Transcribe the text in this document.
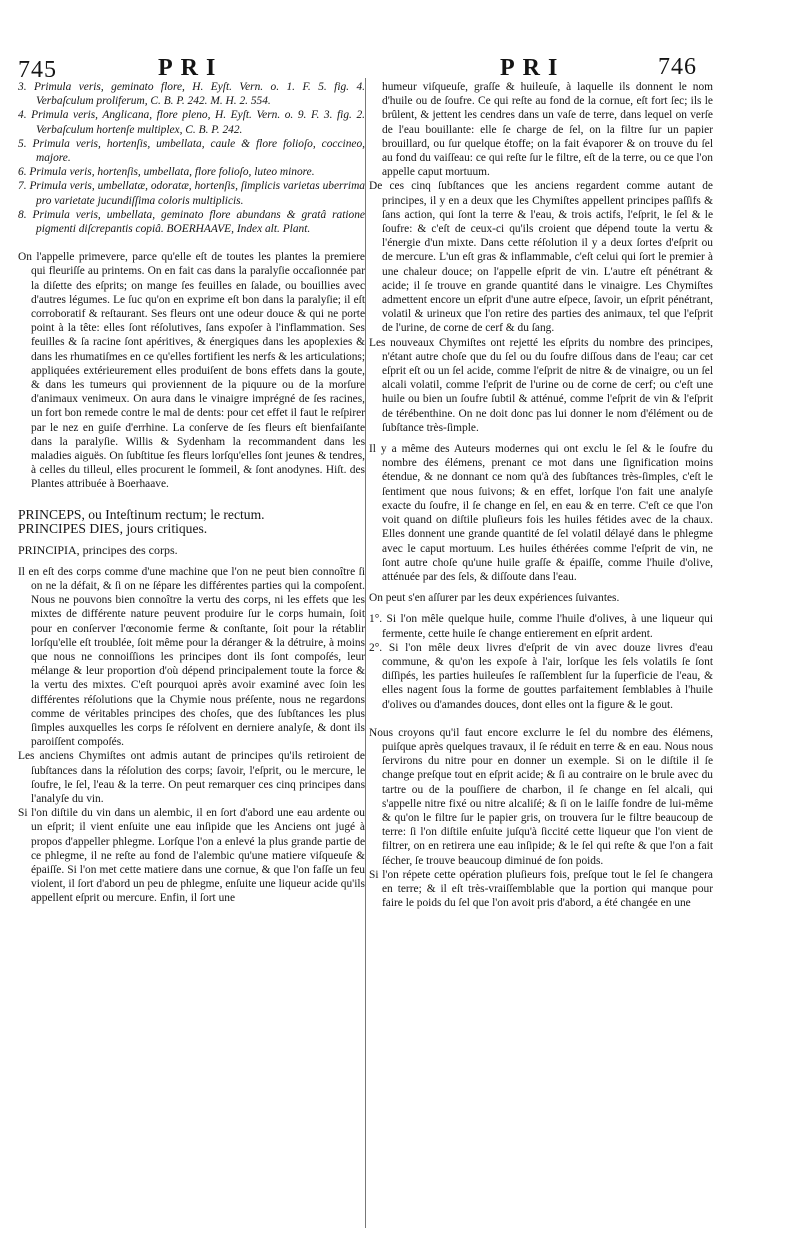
745	PRI	PRI	746
3. Primula veris, geminato flore, H. Eyſt. Vern. o. 1. F. 5. fig. 4. Verbaſculum proliferum, C. B. P. 242. M. H. 2. 554.
4. Primula veris, Anglicana, flore pleno, H. Eyſt. Vern. o. 9. F. 3. fig. 2. Verbaſculum hortenſe multiplex, C. B. P. 242.
5. Primula veris, hortenſis, umbellata, caule & flore folioſo, coccineo, majore.
6. Primula veris, hortenſis, umbellata, flore folioſo, luteo minore.
7. Primula veris, umbellatæ, odoratæ, hortenſis, ſimplicis varietas uberrima pro varietate jucundiſſima coloris multiplicis.
8. Primula veris, umbellata, geminato flore abundans & gratâ ratione pigmenti diſcrepantis copiâ. BOERHAAVE, Index alt. Plant.

On l'appelle primevere, parce qu'elle eſt de toutes les plantes la premiere qui fleuriſſe au printems. On en fait cas dans la paralyſie occaſionnée par la diſette des eſprits; on mange ſes feuilles en ſalade, ou bouillies avec d'autres légumes. Le ſuc qu'on en exprime eſt bon dans la paralyſie; il eſt corroboratif & reſtaurant. Ses fleurs ont une odeur douce & qui ne porte point à la tête: elles ſont réſolutives, ſans expoſer à l'inflammation. Ses feuilles & ſa racine ſont apéritives, & énergiques dans les apoplexies & dans les rhumatiſmes en ce qu'elles fortifient les nerfs & les articulations; appliquées extérieurement elles produiſent de bons effets dans la goute, & dans les tumeurs qui proviennent de la piquure ou de la morſure d'animaux venimeux. On aura dans le vinaigre imprégné de ſes racines, un fort bon remede contre le mal de dents: pour cet effet il faut le reſpirer par le nez en guiſe d'errhine. La conſerve de ſes fleurs eſt bienfaiſante dans la paralyſie. Willis & Sydenham la recommandent dans les maladies aiguës. On ſubſtitue ſes fleurs lorſqu'elles ſont jeunes & tendres, à celles du tilleul, elles procurent le ſommeil, & ſont anodynes. Hiſt. des Plantes attribuée à Boerhaave.

PRINCEPS, ou Inteſtinum rectum; le rectum.

PRINCIPES DIES, jours critiques.

PRINCIPIA, principes des corps.

Il en eſt des corps comme d'une machine que l'on ne peut bien connoître ſi on ne la défait, & ſi on ne ſépare les différentes parties qui la compoſent. Nous ne pouvons bien connoître la vertu des corps, ni les effets que les mixtes de différente nature peuvent produire ſur le corps humain, ſoit pour en conſerver l'œconomie ferme & conſtante, ſoit pour la rétablir lorſqu'elle eſt troublée, ſoit même pour la déranger & la détruire, à moins que nous ne connoiſſions les principes dont ils ſont compoſés, leur mélange & leur proportion d'où dépend principalement toute la force & la vertu des mixtes. C'eſt pourquoi après avoir examiné avec ſoin les différentes réſolutions que la Chymie nous préſente, nous ne regardons comme de véritables principes des choſes, que des ſubſtances les plus ſimples auxquelles les corps ſe réſolvent en derniere analyſe, & dont ils paroiſſent compoſés.

Les anciens Chymiſtes ont admis autant de principes qu'ils retiroient de ſubſtances dans la réſolution des corps; ſavoir, l'eſprit, ou le mercure, le ſoufre, le ſel, l'eau & la terre. On peut remarquer ces cinq principes dans l'analyſe du vin.

Si l'on diſtile du vin dans un alembic, il en ſort d'abord une eau ardente ou un eſprit; il vient enſuite une eau inſipide que les Anciens ont jugé à propos d'appeller phlegme. Lorſque l'on a enlevé la plus grande partie de ce phlegme, il ne reſte au fond de l'alembic qu'une matiere viſqueuſe & épaiſſe. Si l'on met cette matiere dans une cornue, & que l'on faſſe un feu violent, il ſort d'abord un peu de phlegme, enſuite une liqueur acide qu'ils appellent eſprit ou mercure. Enfin, il ſort une

humeur viſqueuſe, graſſe & huileuſe, à laquelle ils donnent le nom d'huile ou de ſoufre. Ce qui reſte au fond de la cornue, eſt fort ſec; ils le brûlent, & jettent les cendres dans un vaſe de terre, dans lequel on verſe de l'eau bouillante: elle ſe charge de ſel, on la filtre ſur un papier brouillard, ou ſur quelque étoffe; on la fait évaporer & on trouve du ſel au fond du vaiſſeau: ce qui reſte ſur le filtre, eſt de la terre, ou ce que l'on appelle caput mortuum.

De ces cinq ſubſtances que les anciens regardent comme autant de principes, il y en a deux que les Chymiſtes appellent principes paſſifs & ſans action, qui ſont la terre & l'eau, & trois actifs, l'eſprit, le ſel & le ſoufre: & c'eſt de ceux-ci qu'ils croient que dépend toute la vertu & l'énergie d'un mixte. Dans cette réſolution il y a deux ſortes d'eſprit ou de mercure. L'un eſt gras & inflammable, c'eſt celui qui ſort le premier à une chaleur douce; on l'appelle eſprit de vin. L'autre eſt pénétrant & acide; il ſe trouve en grande quantité dans le vinaigre. Les Chymiſtes admettent encore un eſprit d'une autre eſpece, ſavoir, un eſprit pénétrant, volatil & urineux que l'on retire des parties des animaux, tel que l'eſprit de l'urine, de corne de cerf & du ſang.

Les nouveaux Chymiſtes ont rejetté les eſprits du nombre des principes, n'étant autre choſe que du ſel ou du ſoufre diſſous dans de l'eau; car cet eſprit eſt ou un ſel acide, comme l'eſprit de nitre & de vinaigre, ou un ſel alcali volatil, comme l'eſprit de l'urine ou de corne de cerf; ou c'eſt une huile ou bien un ſoufre ſubtil & atténué, comme l'eſprit de vin & l'eſprit de térébenthine. On ne doit donc pas lui donner le nom d'élément ou de ſubſtance très-ſimple.

Il y a même des Auteurs modernes qui ont exclu le ſel & le ſoufre du nombre des élémens, prenant ce mot dans une ſignification moins étendue, & ne donnant ce nom qu'à des ſubſtances très-ſimples, c'eſt le ſentiment que nous ſuivons; & en effet, lorſque l'on fait une analyſe exacte du ſoufre, il ſe change en ſel, en eau & en terre. C'eſt ce que l'on voit quand on diſtile pluſieurs fois les huiles fétides avec de la chaux. Elles donnent une grande quantité de ſel volatil délayé dans le phlegme avec le caput mortuum. Les huiles éthérées comme l'eſprit de vin, ne ſont autre choſe qu'une huile graſſe & épaiſſe, comme l'huile d'olive, atténuée par des ſels, & diſſoute dans l'eau.

On peut s'en aſſurer par les deux expériences ſuivantes.

1°. Si l'on mêle quelque huile, comme l'huile d'olives, à une liqueur qui fermente, cette huile ſe change entierement en eſprit ardent.

2°. Si l'on mêle deux livres d'eſprit de vin avec douze livres d'eau commune, & qu'on les expoſe à l'air, lorſque les ſels volatils ſe ſont diſſipés, les parties huileuſes ſe raſſemblent ſur la ſuperficie de l'eau, & elles nagent ſous la forme de gouttes parfaitement ſemblables à l'huile d'olives ou d'amandes douces, dont elles ont la figure & le gout.

Nous croyons qu'il faut encore exclurre le ſel du nombre des élémens, puiſque après quelques travaux, il ſe réduit en terre & en eau. Nous nous ſervirons du nitre pour en donner un exemple. Si on le diſtile il ſe change preſque tout en eſprit acide; & ſi au contraire on le brule avec du tartre ou de la pouſſiere de charbon, il ſe change en ſel alcali, qui s'appelle nitre fixé ou nitre alcaliſé; & ſi on le laiſſe fondre de lui-même & qu'on le filtre ſur le papier gris, on trouvera ſur le filtre beaucoup de terre: ſi l'on diſtile enſuite juſqu'à ſiccité cette liqueur que l'on vient de filtrer, on en retirera une eau inſipide; & le ſel qui reſte & que l'on a fait ſécher, ſe trouve beaucoup diminué de ſon poids.

Si l'on répete cette opération pluſieurs fois, preſque tout le ſel ſe changera en terre; & il eſt très-vraiſſemblable que la portion qui manque pour faire le poids du ſel que l'on avoit pris d'abord, a été changée en une
